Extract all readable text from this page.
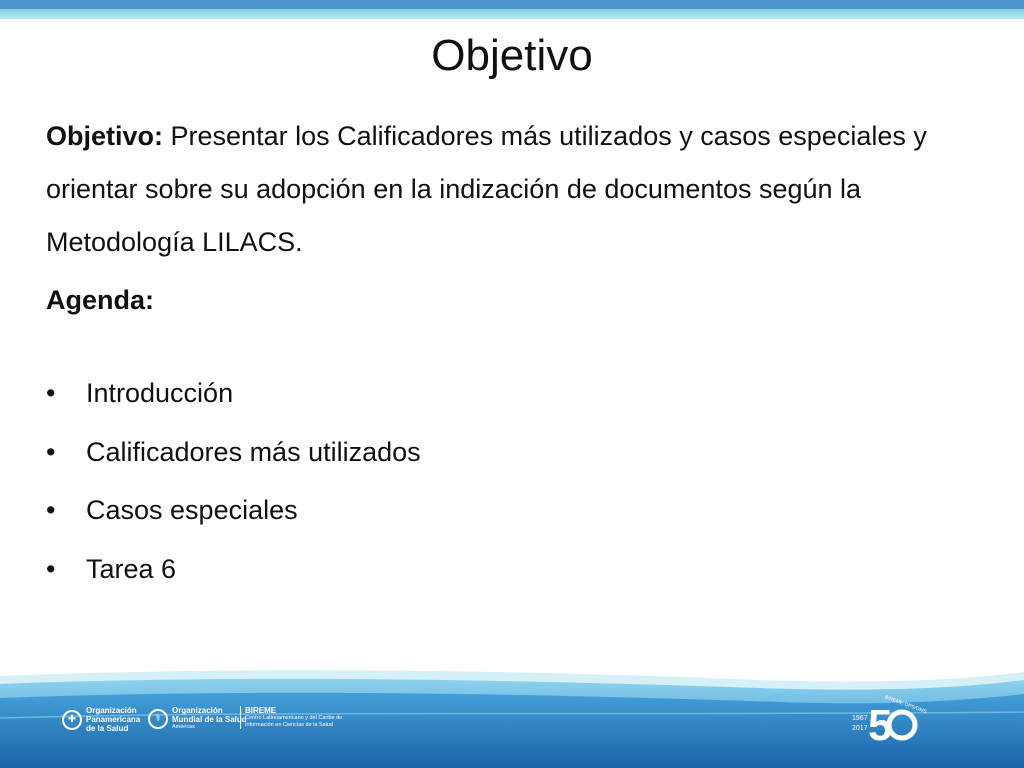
Objetivo
Objetivo: Presentar los Calificadores más utilizados y casos especiales y orientar sobre su adopción en la indización de documentos según la Metodología LILACS.
Agenda:
•	Introducción
•	Calificadores más utilizados
•	Casos especiales
•	Tarea 6
✚
Organización
Panamericana
de la Salud
⚕
Organización
Mundial de la Salud
Américas
BIREME
Centro Latinoamericano y del Caribe de
Información en Ciencias de la Salud
1967
2017 5
BIREME·OPS/OMS
